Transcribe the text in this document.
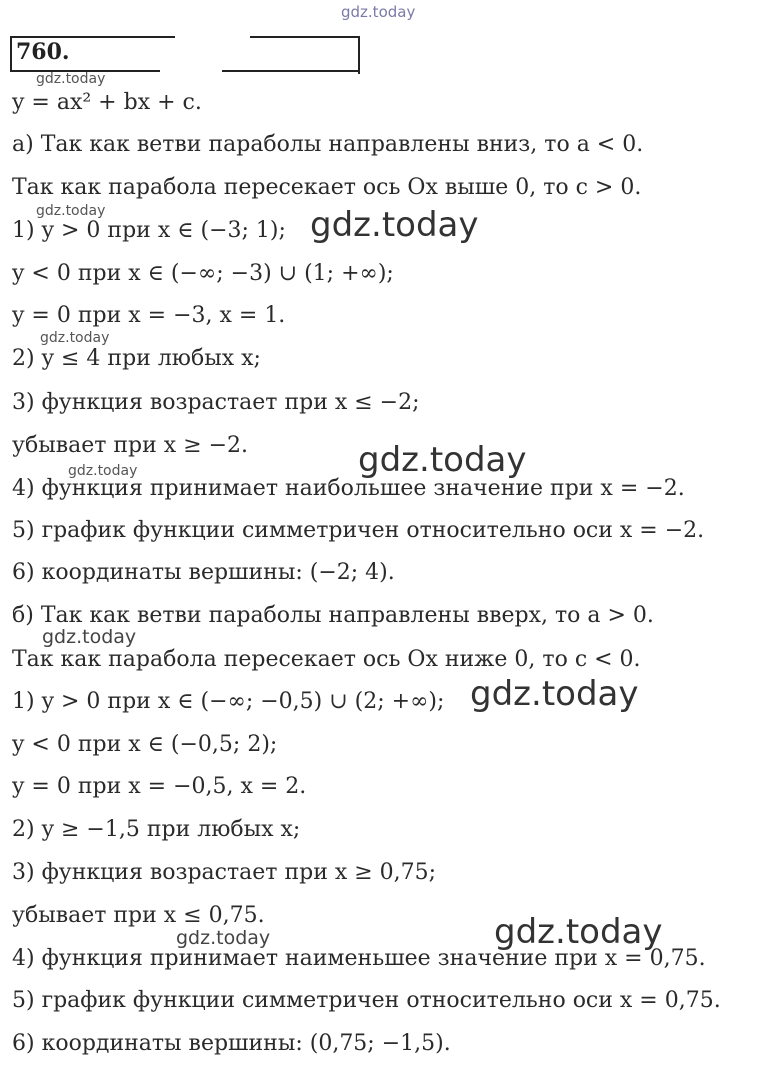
gdz.today
760.
gdz.today
y = ax² + bx + c.
а) Так как ветви параболы направлены вниз, то a < 0.
Так как парабола пересекает ось Ox выше 0, то c > 0.
gdz.today
1) y > 0 при x ∈ (−3; 1); gdz.today
y < 0 при x ∈ (−∞; −3) ∪ (1; +∞);
y = 0 при x = −3, x = 1.
gdz.today
2) y ≤ 4 при любых x;
3) функция возрастает при x ≤ −2;
убывает при x ≥ −2.	gdz.today
gdz.today
4) функция принимает наибольшее значение при x = −2.
5) график функции симметричен относительно оси x = −2.
6) координаты вершины: (−2; 4).
б) Так как ветви параболы направлены вверх, то a > 0.
gdz.today
Так как парабола пересекает ось Ox ниже 0, то c < 0.
1) y > 0 при x ∈ (−∞; −0,5) ∪ (2; +∞); gdz.today
y < 0 при x ∈ (−0,5; 2);
y = 0 при x = −0,5, x = 2.
2) y ≥ −1,5 при любых x;
3) функция возрастает при x ≥ 0,75;
убывает при x ≤ 0,75.	gdz.today
gdz.today
4) функция принимает наименьшее значение при x = 0,75.
5) график функции симметричен относительно оси x = 0,75.
6) координаты вершины: (0,75; −1,5).
